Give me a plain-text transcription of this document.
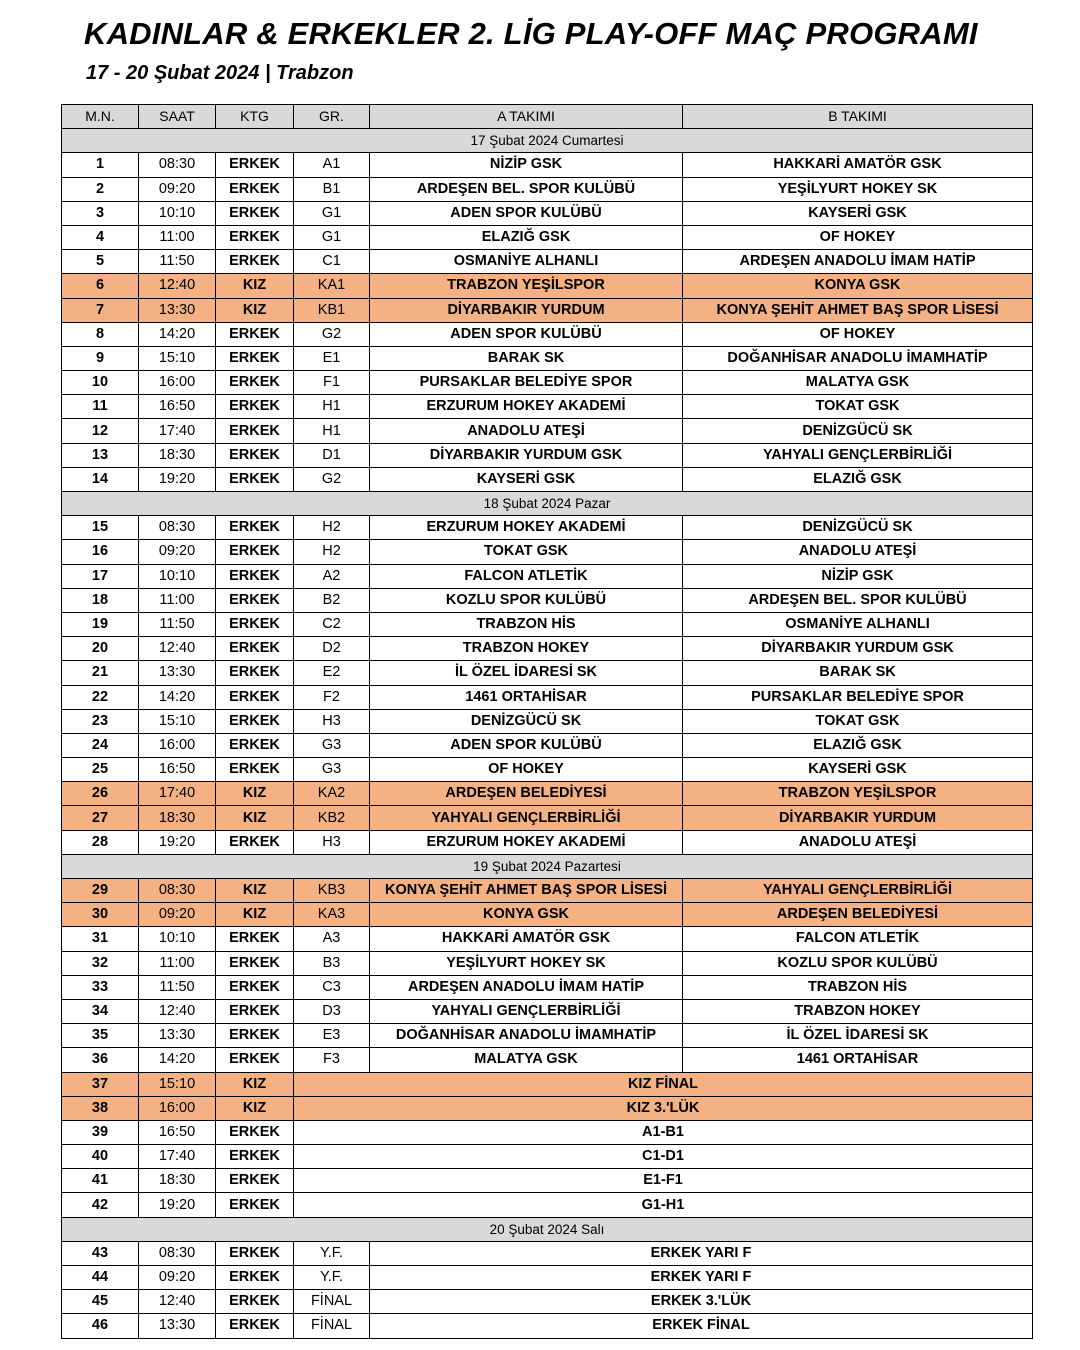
KADINLAR & ERKEKLER 2. LİG PLAY-OFF MAÇ PROGRAMI
17 - 20 Şubat 2024 | Trabzon
M.N.	SAAT	KTG	GR.	A TAKIMI	B TAKIMI
17 Şubat 2024 Cumartesi					
1	08:30	ERKEK	A1	NİZİP GSK	HAKKARİ AMATÖR GSK
2	09:20	ERKEK	B1	ARDEŞEN BEL. SPOR KULÜBÜ	YEŞİLYURT HOKEY SK
3	10:10	ERKEK	G1	ADEN SPOR KULÜBÜ	KAYSERİ GSK
4	11:00	ERKEK	G1	ELAZIĞ GSK	OF HOKEY
5	11:50	ERKEK	C1	OSMANİYE ALHANLI	ARDEŞEN ANADOLU İMAM HATİP
6	12:40	KIZ	KA1	TRABZON YEŞİLSPOR	KONYA GSK
7	13:30	KIZ	KB1	DİYARBAKIR YURDUM	KONYA ŞEHİT AHMET BAŞ SPOR LİSESİ
8	14:20	ERKEK	G2	ADEN SPOR KULÜBÜ	OF HOKEY
9	15:10	ERKEK	E1	BARAK SK	DOĞANHİSAR ANADOLU İMAMHATİP
10	16:00	ERKEK	F1	PURSAKLAR BELEDİYE SPOR	MALATYA GSK
11	16:50	ERKEK	H1	ERZURUM HOKEY AKADEMİ	TOKAT GSK
12	17:40	ERKEK	H1	ANADOLU ATEŞİ	DENİZGÜCÜ SK
13	18:30	ERKEK	D1	DİYARBAKIR YURDUM GSK	YAHYALI GENÇLERBİRLİĞİ
14	19:20	ERKEK	G2	KAYSERİ GSK	ELAZIĞ GSK
18 Şubat 2024 Pazar					
15	08:30	ERKEK	H2	ERZURUM HOKEY AKADEMİ	DENİZGÜCÜ SK
16	09:20	ERKEK	H2	TOKAT GSK	ANADOLU ATEŞİ
17	10:10	ERKEK	A2	FALCON ATLETİK	NİZİP GSK
18	11:00	ERKEK	B2	KOZLU SPOR KULÜBÜ	ARDEŞEN BEL. SPOR KULÜBÜ
19	11:50	ERKEK	C2	TRABZON HİS	OSMANİYE ALHANLI
20	12:40	ERKEK	D2	TRABZON HOKEY	DİYARBAKIR YURDUM GSK
21	13:30	ERKEK	E2	İL ÖZEL İDARESİ SK	BARAK SK
22	14:20	ERKEK	F2	1461 ORTAHİSAR	PURSAKLAR BELEDİYE SPOR
23	15:10	ERKEK	H3	DENİZGÜCÜ SK	TOKAT GSK
24	16:00	ERKEK	G3	ADEN SPOR KULÜBÜ	ELAZIĞ GSK
25	16:50	ERKEK	G3	OF HOKEY	KAYSERİ GSK
26	17:40	KIZ	KA2	ARDEŞEN BELEDİYESİ	TRABZON YEŞİLSPOR
27	18:30	KIZ	KB2	YAHYALI GENÇLERBİRLİĞİ	DİYARBAKIR YURDUM
28	19:20	ERKEK	H3	ERZURUM HOKEY AKADEMİ	ANADOLU ATEŞİ
19 Şubat 2024 Pazartesi					
29	08:30	KIZ	KB3	KONYA ŞEHİT AHMET BAŞ SPOR LİSESİ	YAHYALI GENÇLERBİRLİĞİ
30	09:20	KIZ	KA3	KONYA GSK	ARDEŞEN BELEDİYESİ
31	10:10	ERKEK	A3	HAKKARİ AMATÖR GSK	FALCON ATLETİK
32	11:00	ERKEK	B3	YEŞİLYURT HOKEY SK	KOZLU SPOR KULÜBÜ
33	11:50	ERKEK	C3	ARDEŞEN ANADOLU İMAM HATİP	TRABZON HİS
34	12:40	ERKEK	D3	YAHYALI GENÇLERBİRLİĞİ	TRABZON HOKEY
35	13:30	ERKEK	E3	DOĞANHİSAR ANADOLU İMAMHATİP	İL ÖZEL İDARESİ SK
36	14:20	ERKEK	F3	MALATYA GSK	1461 ORTAHİSAR
37	15:10	KIZ	KIZ FİNAL		
38	16:00	KIZ	KIZ 3.'LÜK		
39	16:50	ERKEK	A1-B1		
40	17:40	ERKEK	C1-D1		
41	18:30	ERKEK	E1-F1		
42	19:20	ERKEK	G1-H1		
20 Şubat 2024 Salı					
43	08:30	ERKEK	Y.F.	ERKEK YARI F	
44	09:20	ERKEK	Y.F.	ERKEK YARI F	
45	12:40	ERKEK	FİNAL	ERKEK 3.'LÜK	
46	13:30	ERKEK	FİNAL	ERKEK FİNAL	
